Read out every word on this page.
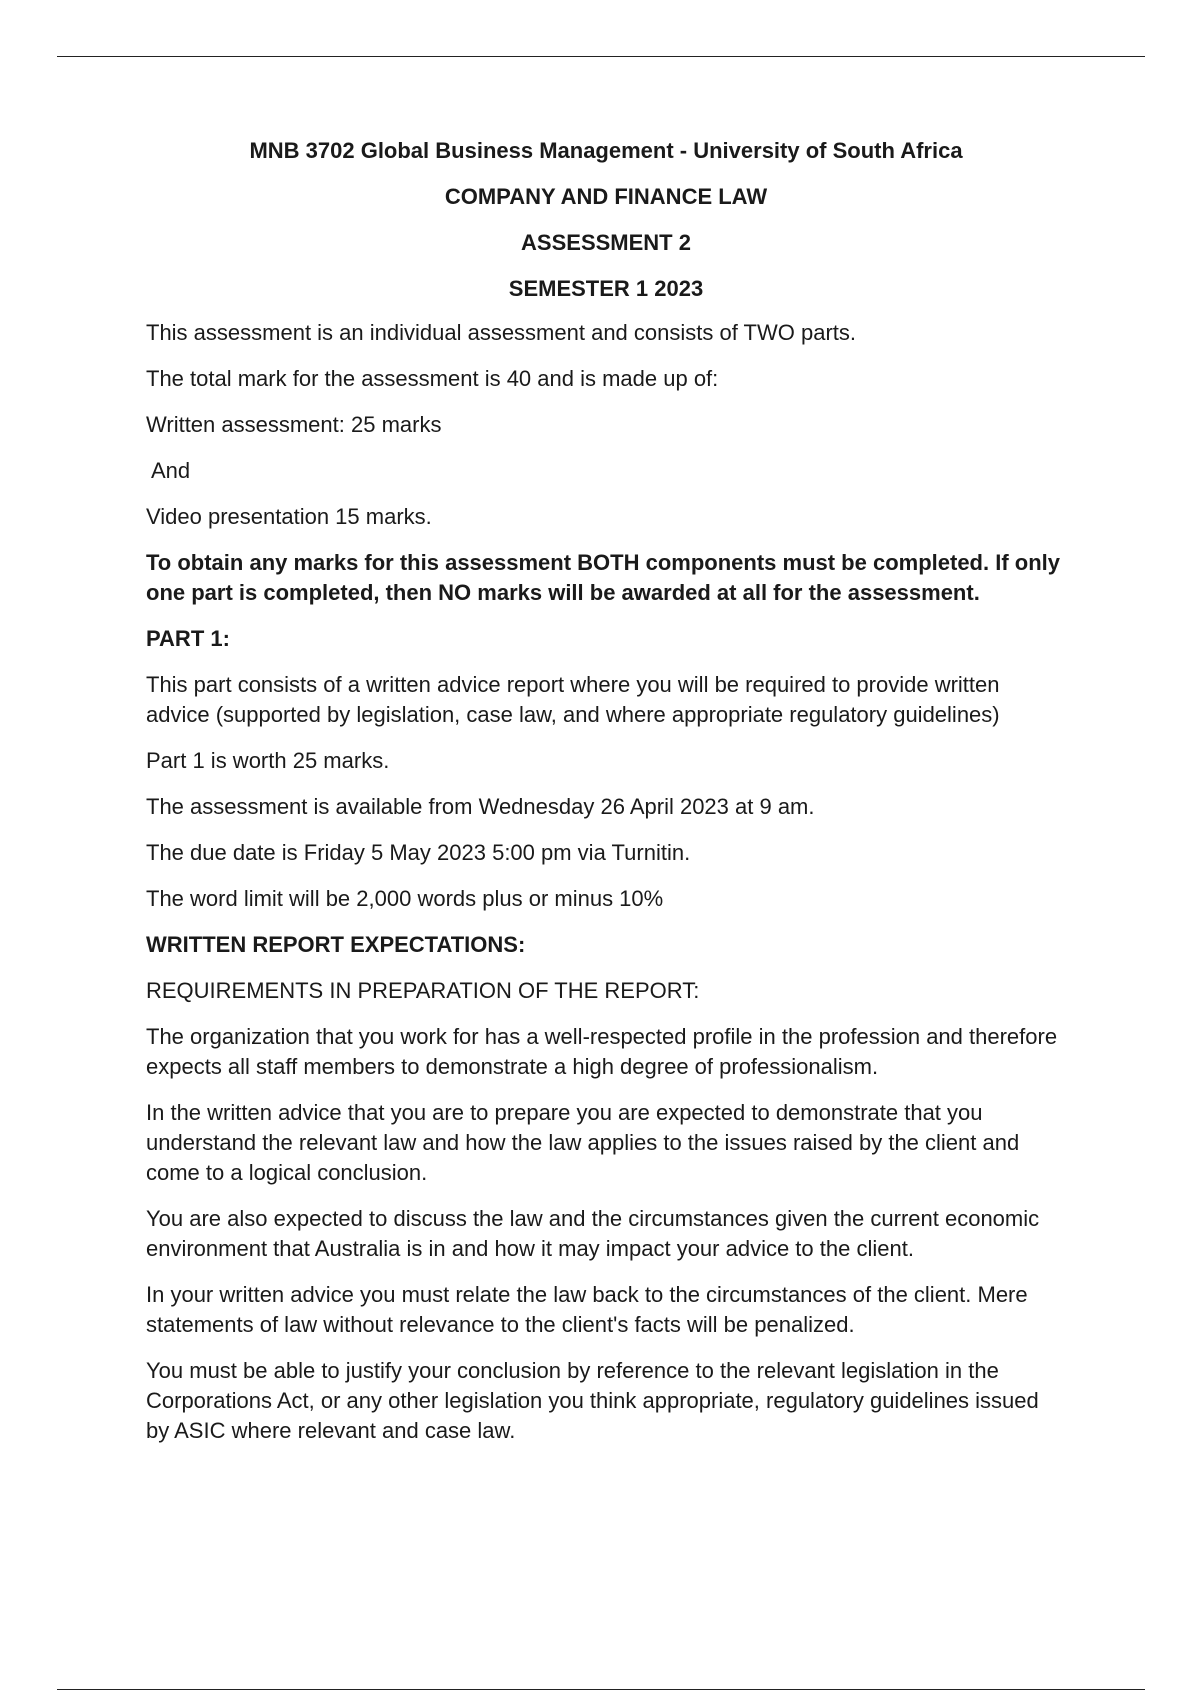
MNB 3702 Global Business Management - University of South Africa
COMPANY AND FINANCE LAW
ASSESSMENT 2
SEMESTER 1 2023

This assessment is an individual assessment and consists of TWO parts.

The total mark for the assessment is 40 and is made up of:

Written assessment: 25 marks

And

Video presentation 15 marks.

To obtain any marks for this assessment BOTH components must be completed. If only one part is completed, then NO marks will be awarded at all for the assessment.

PART 1:

This part consists of a written advice report where you will be required to provide written advice (supported by legislation, case law, and where appropriate regulatory guidelines)

Part 1 is worth 25 marks.

The assessment is available from Wednesday 26 April 2023 at 9 am.

The due date is Friday 5 May 2023 5:00 pm via Turnitin.

The word limit will be 2,000 words plus or minus 10%

WRITTEN REPORT EXPECTATIONS:

REQUIREMENTS IN PREPARATION OF THE REPORT:

The organization that you work for has a well-respected profile in the profession and therefore expects all staff members to demonstrate a high degree of professionalism.

In the written advice that you are to prepare you are expected to demonstrate that you understand the relevant law and how the law applies to the issues raised by the client and come to a logical conclusion.

You are also expected to discuss the law and the circumstances given the current economic environment that Australia is in and how it may impact your advice to the client.

In your written advice you must relate the law back to the circumstances of the client. Mere statements of law without relevance to the client's facts will be penalized.

You must be able to justify your conclusion by reference to the relevant legislation in the Corporations Act, or any other legislation you think appropriate, regulatory guidelines issued by ASIC where relevant and case law.
